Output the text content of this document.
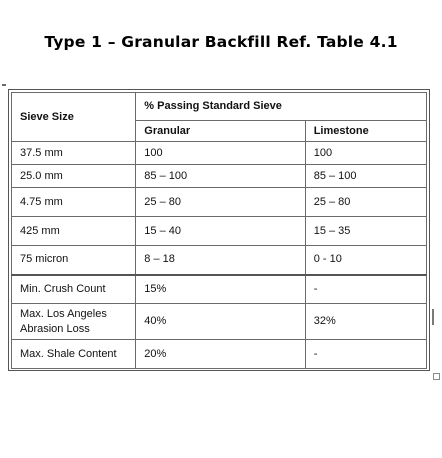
Type 1 – Granular Backfill Ref. Table 4.1
Sieve Size	% Passing Standard Sieve	
	Granular	Limestone
37.5 mm	100	100
25.0 mm	85 – 100	85 – 100
4.75 mm	25 – 80	25 – 80
425 mm	15 – 40	15 – 35
75 micron	8 – 18	0 - 10
Min. Crush Count	15%	-
Max. Los Angeles Abrasion Loss	40%	32%
Max. Shale Content	20%	-
